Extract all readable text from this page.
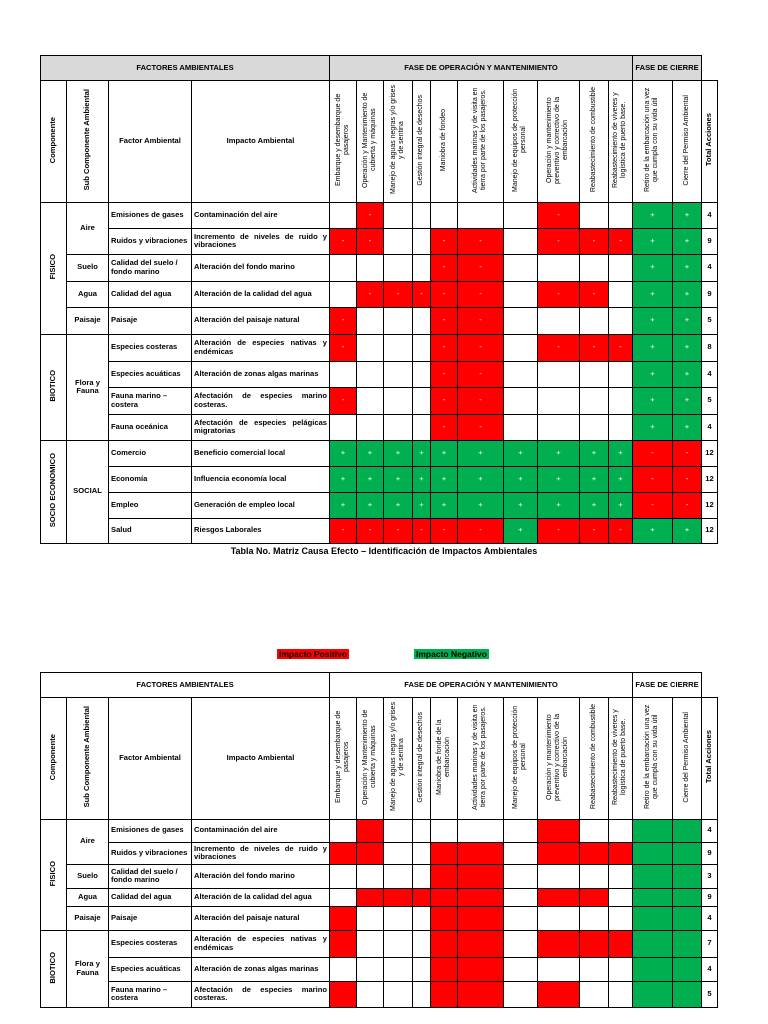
FACTORES AMBIENTALES				FASE DE OPERACIÓN Y MANTENIMIENTO										FASE DE CIERRE		
Componente	Sub Componente Ambiental	Factor Ambiental	Impacto Ambiental	Embarque y desembarque de pasajeros	Operación y Mantenimiento de cubierta y máquinas	Manejo de aguas negras y/o grises y de sentina	Gestión integral de desechos	Maniobra de fondeo	Actividades marinas y de visita en tierra por parte de los pasajeros.	Manejo de equipos de protección personal	Operación y mantenimiento preventivo y correctivo de la embarcación	Reabastecimiento de combustible	Reabastecimiento de víveres y logística de puerto base.	Retiro de la embarcación una vez que cumpla con su vida útil	Cierre del Permiso Ambiental	Total Acciones
FISICO	Aire	Emisiones de gases	Contaminación del aire		-						-			+	+	4
		Ruidos y vibraciones	Incremento de niveles de ruido y vibraciones	-	-			-	-		-	-	-	+	+	9
	Suelo	Calidad del suelo / fondo marino	Alteración del fondo marino					-	-					+	+	4
	Agua	Calidad del agua	Alteración de la calidad del agua		-	-	-	-	-		-	-		+	+	9
	Paisaje	Paisaje	Alteración del paisaje natural	-				-	-					+	+	5
BIOTICO	Flora y Fauna	Especies costeras	Alteración de especies nativas y endémicas	-				-	-		-	-	-	+	+	8
		Especies acuáticas	Alteración de zonas algas marinas					-	-					+	+	4
		Fauna marino – costera	Afectación de especies marino costeras.	-				-	-					+	+	5
		Fauna oceánica	Afectación de especies pelágicas migratorias					-	-					+	+	4
SOCIO ECONOMICO	SOCIAL	Comercio	Beneficio comercial local	+	+	+	+	+	+	+	+	+	+	-	-	12
		Economía	Influencia economía local	+	+	+	+	+	+	+	+	+	+	-	-	12
		Empleo	Generación de empleo local	+	+	+	+	+	+	+	+	+	+	-	-	12
		Salud	Riesgos Laborales	-	-	-	-	-	-	+	-	-	-	+	+	12
Tabla No. Matriz Causa Efecto – Identificación de Impactos Ambientales
Impacto Positivo	Impacto Negativo
FACTORES AMBIENTALES				FASE DE OPERACIÓN Y MANTENIMIENTO										FASE DE CIERRE		
Componente	Sub Componente Ambiental	Factor Ambiental	Impacto Ambiental	Embarque y desembarque de pasajeros	Operación y Mantenimiento de cubierta y máquinas	Manejo de aguas negras y/o grises y de sentina	Gestión integral de desechos	Maniobra de fonde de la embarcación	Actividades marinas y de visita en tierra por parte de los pasajeros.	Manejo de equipos de protección personal	Operación y mantenimiento preventivo y correctivo de la embarcación	Reabastecimiento de combustible	Reabastecimiento de víveres y logística de puerto base.	Retiro de la embarcación una vez que cumpla con su vida útil	Cierre del Permiso Ambiental	Total Acciones
FISICO	Aire	Emisiones de gases	Contaminación del aire													4
		Ruidos y vibraciones	Incremento de niveles de ruido y vibraciones													9
	Suelo	Calidad del suelo / fondo marino	Alteración del fondo marino													3
	Agua	Calidad del agua	Alteración de la calidad del agua													9
	Paisaje	Paisaje	Alteración del paisaje natural													4
BIOTICO	Flora y Fauna	Especies costeras	Alteración de especies nativas y endémicas													7
		Especies acuáticas	Alteración de zonas algas marinas													4
		Fauna marino – costera	Afectación de especies marino costeras.													5
